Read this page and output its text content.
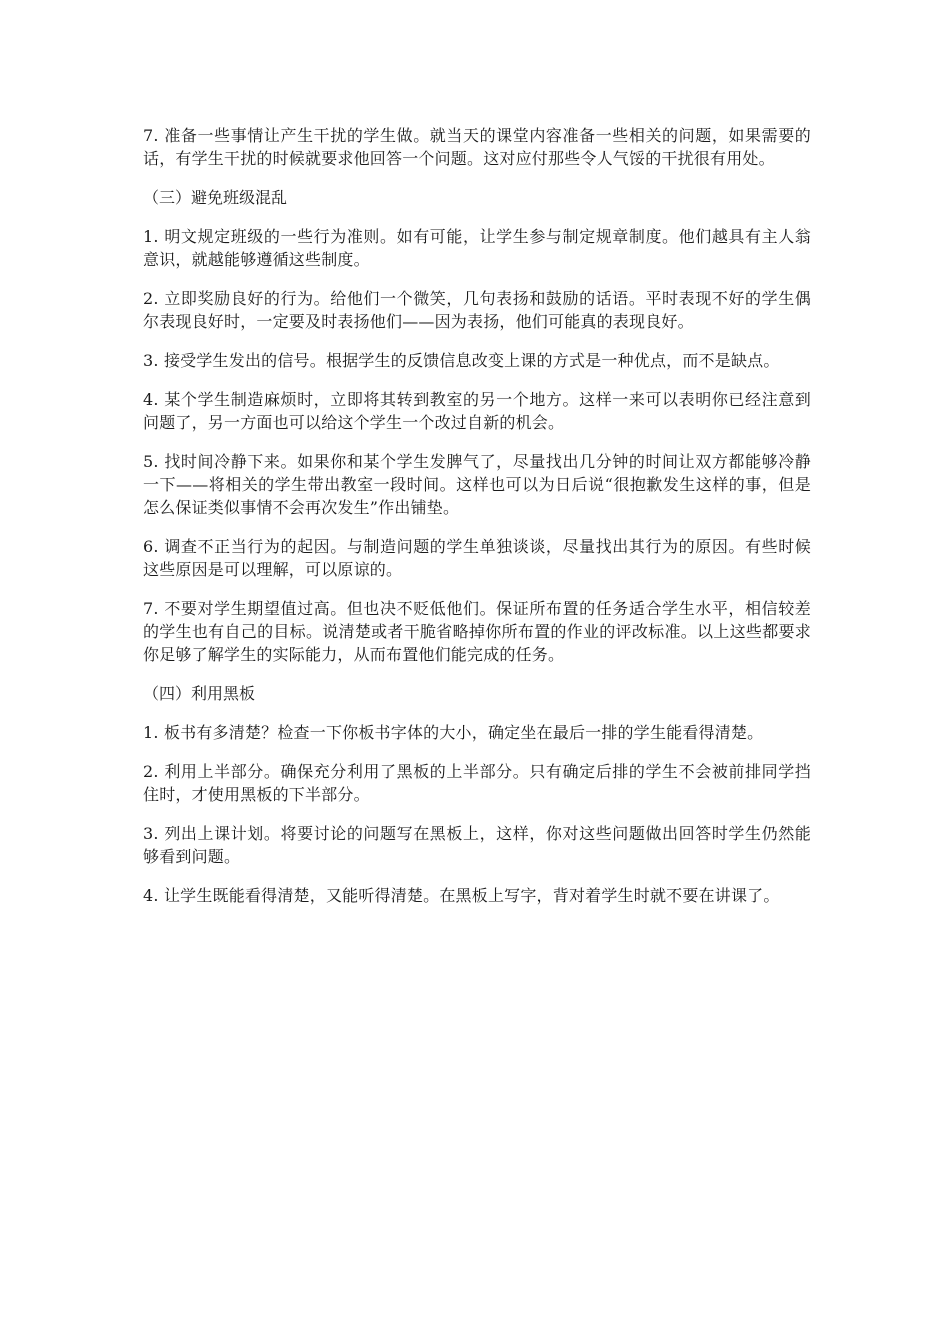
7. 准备一些事情让产生干扰的学生做。就当天的课堂内容准备一些相关的问题，如果需要的话，有学生干扰的时候就要求他回答一个问题。这对应付那些令人气馁的干扰很有用处。

（三）避免班级混乱

1. 明文规定班级的一些行为准则。如有可能，让学生参与制定规章制度。他们越具有主人翁意识，就越能够遵循这些制度。

2. 立即奖励良好的行为。给他们一个微笑，几句表扬和鼓励的话语。平时表现不好的学生偶尔表现良好时，一定要及时表扬他们——因为表扬，他们可能真的表现良好。

3. 接受学生发出的信号。根据学生的反馈信息改变上课的方式是一种优点，而不是缺点。

4. 某个学生制造麻烦时，立即将其转到教室的另一个地方。这样一来可以表明你已经注意到问题了，另一方面也可以给这个学生一个改过自新的机会。

5. 找时间冷静下来。如果你和某个学生发脾气了，尽量找出几分钟的时间让双方都能够冷静一下——将相关的学生带出教室一段时间。这样也可以为日后说“很抱歉发生这样的事，但是怎么保证类似事情不会再次发生”作出铺垫。

6. 调查不正当行为的起因。与制造问题的学生单独谈谈，尽量找出其行为的原因。有些时候这些原因是可以理解，可以原谅的。

7. 不要对学生期望值过高。但也决不贬低他们。保证所布置的任务适合学生水平，相信较差的学生也有自己的目标。说清楚或者干脆省略掉你所布置的作业的评改标准。以上这些都要求你足够了解学生的实际能力，从而布置他们能完成的任务。

（四）利用黑板

1. 板书有多清楚？检查一下你板书字体的大小，确定坐在最后一排的学生能看得清楚。

2. 利用上半部分。确保充分利用了黑板的上半部分。只有确定后排的学生不会被前排同学挡住时，才使用黑板的下半部分。

3. 列出上课计划。将要讨论的问题写在黑板上，这样，你对这些问题做出回答时学生仍然能够看到问题。

4. 让学生既能看得清楚，又能听得清楚。在黑板上写字，背对着学生时就不要在讲课了。
